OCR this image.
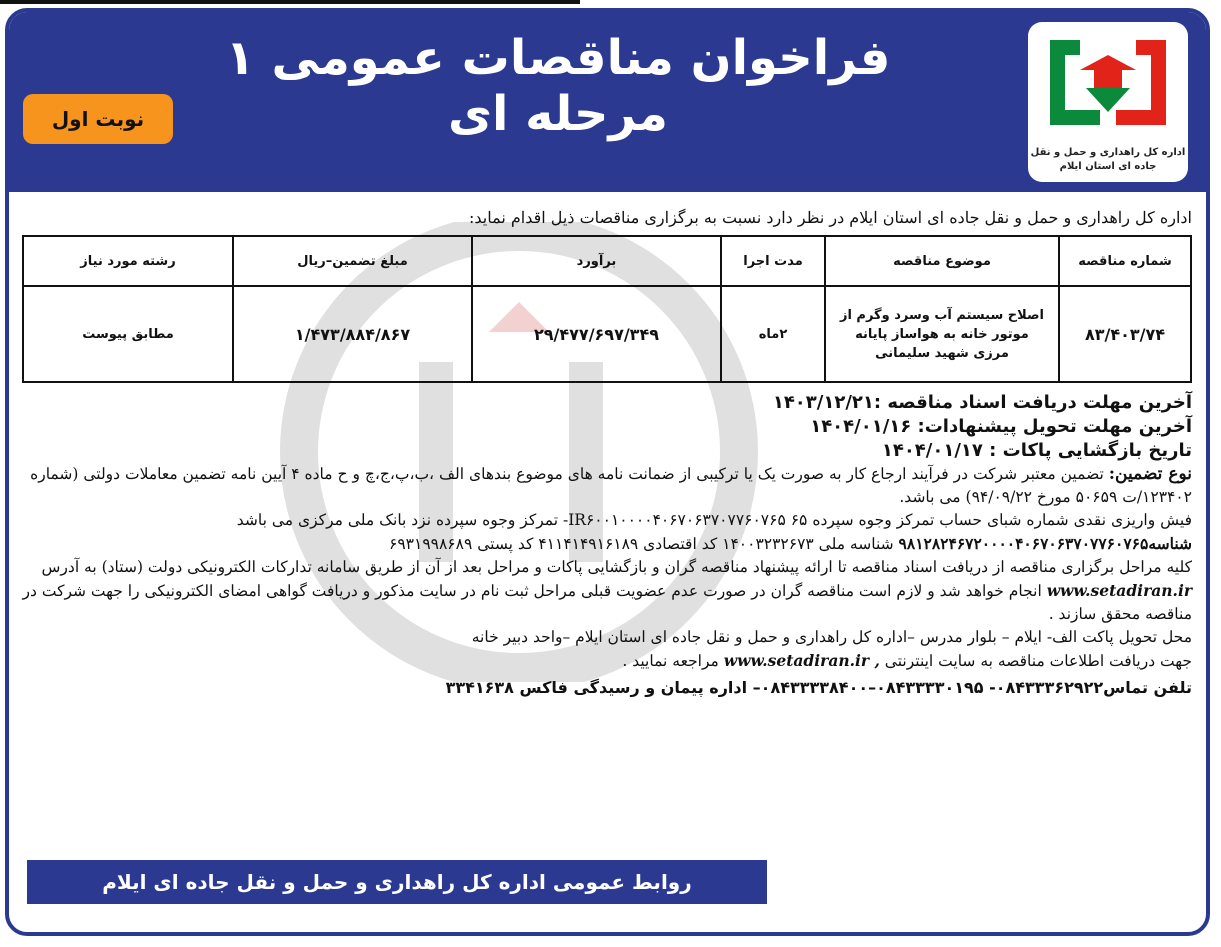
فراخوان مناقصات عمومی ۱ مرحله ای
نوبت اول
اداره کل راهداری و حمل و نقل
جاده ای استان ایلام

اداره کل راهداری و حمل و نقل جاده ای استان ایلام در نظر دارد نسبت به برگزاری مناقصات ذیل اقدام نماید:

شماره مناقصه	موضوع مناقصه	مدت اجرا	برآورد	مبلغ تضمین–ریال	رشته مورد نیاز
۸۳/۴۰۳/۷۴	اصلاح سیستم آب وسرد وگرم از موتور خانه به هواساز پایانه مرزی شهید سلیمانی	۲ماه	۲۹/۴۷۷/۶۹۷/۳۴۹	۱/۴۷۳/۸۸۴/۸۶۷	مطابق پیوست

آخرین مهلت دریافت اسناد مناقصه :۱۴۰۳/۱۲/۲۱

آخرین مهلت تحویل پیشنهادات: ۱۴۰۴/۰۱/۱۶

تاریخ بازگشایی پاکات : ۱۴۰۴/۰۱/۱۷

نوع تضمین: تضمین معتبر شرکت در فرآیند ارجاع کار به صورت یک یا ترکیبی از ضمانت نامه های موضوع بندهای الف ،ب،پ،ج،چ و ح ماده ۴ آیین نامه تضمین معاملات دولتی (شماره ۱۲۳۴۰۲/ت ۵۰۶۵۹ مورخ ۹۴/۰۹/۲۲) می باشد.

فیش واریزی نقدی شماره شبای حساب تمرکز وجوه سپرده ۶۵ IR۶۰۰۱۰۰۰۰۴۰۶۷۰۶۳۷۰۷۷۶۰۷۶۵- تمرکز وجوه سپرده نزد بانک ملی مرکزی می باشد شناسه۹۸۱۲۸۲۴۶۷۲۰۰۰۰۴۰۶۷۰۶۳۷۰۷۷۶۰۷۶۵ شناسه ملی ۱۴۰۰۳۲۳۲۶۷۳ کد اقتصادی ۴۱۱۴۱۴۹۱۶۱۸۹ کد پستی ۶۹۳۱۹۹۸۶۸۹

کلیه مراحل برگزاری مناقصه از دریافت اسناد مناقصه تا ارائه پیشنهاد مناقصه گران و بازگشایی پاکات و مراحل بعد از آن از طریق سامانه تدارکات الکترونیکی دولت (ستاد) به آدرس www.setadiran.ir انجام خواهد شد و لازم است مناقصه گران در صورت عدم عضویت قبلی مراحل ثبت نام در سایت مذکور و دریافت گواهی امضای الکترونیکی را جهت شرکت در مناقصه محقق سازند .

محل تحویل پاکت الف- ایلام – بلوار مدرس –اداره کل راهداری و حمل و نقل جاده ای استان ایلام –واحد دبیر خانه

جهت دریافت اطلاعات مناقصه به سایت اینترنتی www.setadiran.ir , مراجعه نمایید .

تلفن تماس۰۸۴۳۳۳۶۲۹۲۲- ۰۸۴۳۳۳۳۰۱۹۵–۰۸۴۳۳۳۳۸۴۰۰– اداره پیمان و رسیدگی فاکس ۳۳۴۱۶۳۸

روابط عمومی اداره کل راهداری و حمل و نقل جاده ای ایلام
